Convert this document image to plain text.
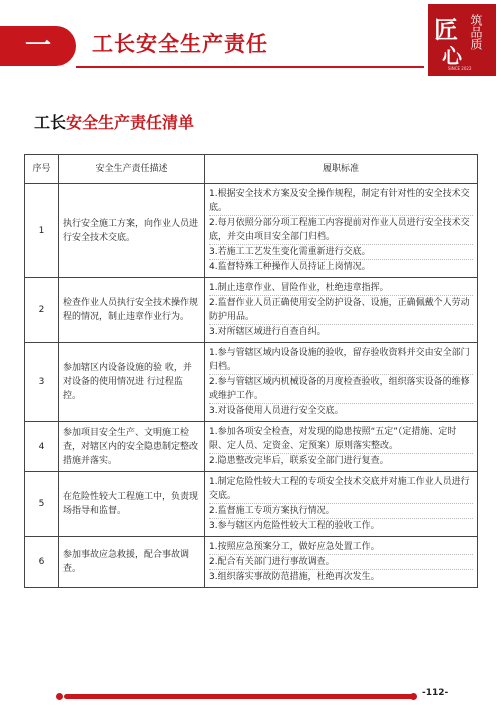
一	工长安全生产责任	匠
心
筑品质
SINCE 2022
工长安全生产责任清单
序号	安全生产责任描述	履职标准
1	执行安全施工方案，向作业人员进行安全技术交底。	1.根据安全技术方案及安全操作规程，制定有针对性的安全技术交底。
2.每月依照分部分项工程施工内容提前对作业人员进行安全技术交底，并交由项目安全部门归档。
3.若施工工艺发生变化需重新进行交底。
4.监督特殊工种操作人员持证上岗情况。

2	检查作业人员执行安全技术操作规程的情况，制止违章作业行为。	1.制止违章作业、冒险作业，杜绝违章指挥。
2.监督作业人员正确使用安全防护设备、设施，正确佩戴个人劳动防护用品。
3.对所辖区域进行自查自纠。

3	参加辖区内设备设施的验 收，并对设备的使用情况进 行过程监控。	1.参与管辖区域内设备设施的验收，留存验收资料并交由安全部门归档。
2.参与管辖区域内机械设备的月度检查验收，组织落实设备的维修或维护工作。
3.对设备使用人员进行安全交底。

4	参加项目安全生产、文明施工检查，对辖区内的安全隐患制定整改措施并落实。	1.参加各项安全检查，对发现的隐患按照“五定”（定措施、定时限、定人员、定资金、定预案）原则落实整改。
2.隐患整改完毕后，联系安全部门进行复查。

5	在危险性较大工程施工中，负责现场指导和监督。	1.制定危险性较大工程的专项安全技术交底并对施工作业人员进行交底。
2.监督施工专项方案执行情况。
3.参与辖区内危险性较大工程的验收工作。

6	参加事故应急救援，配合事故调查。	1.按照应急预案分工，做好应急处置工作。
2.配合有关部门进行事故调查。
3.组织落实事故防范措施，杜绝再次发生。
-112-
